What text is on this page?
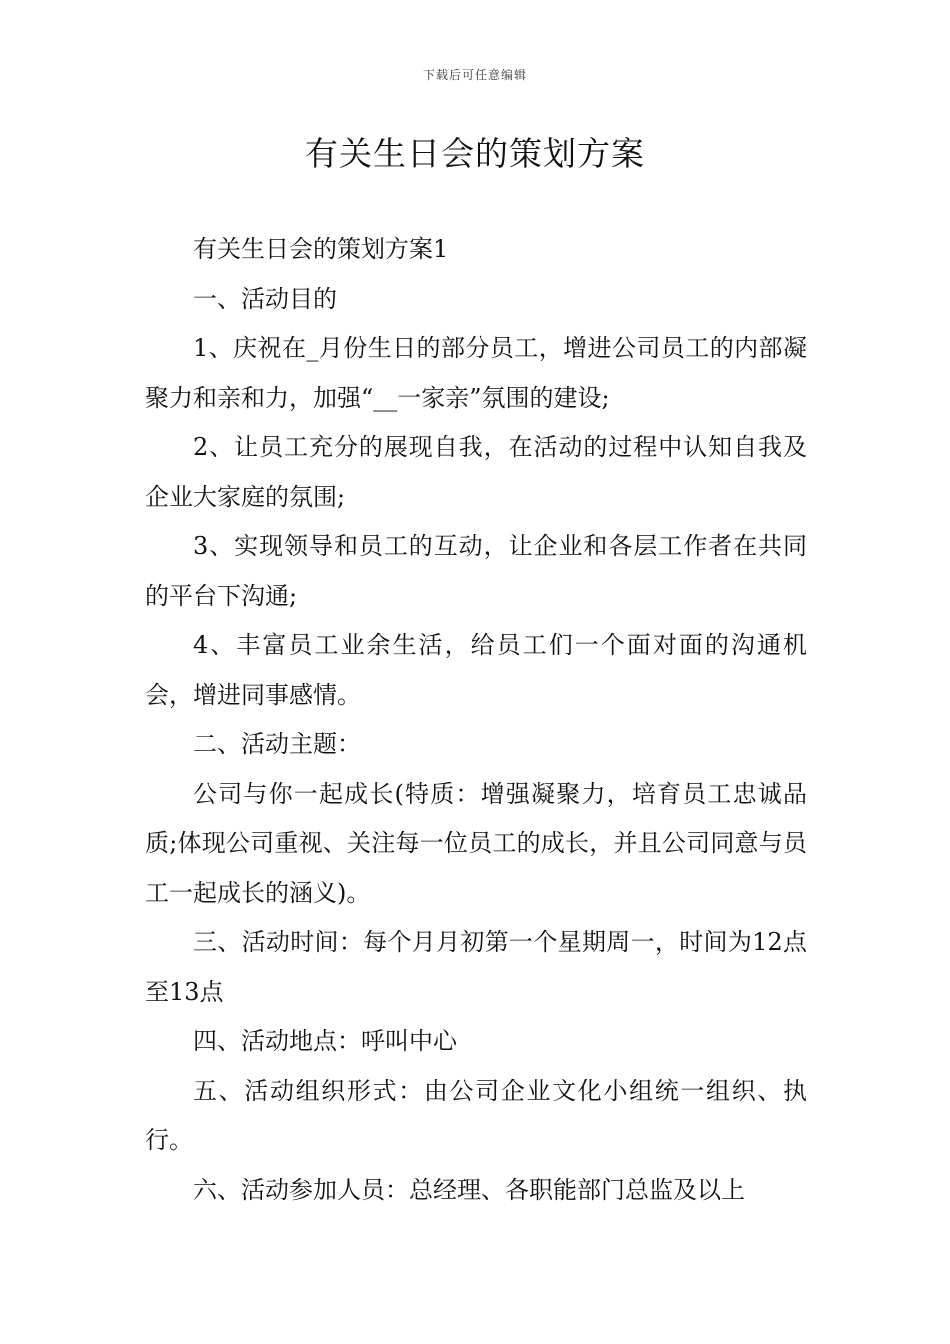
下载后可任意编辑
有关生日会的策划方案

有关生日会的策划方案1

一、活动目的

1、庆祝在_月份生日的部分员工，增进公司员工的内部凝聚力和亲和力，加强“__一家亲”氛围的建设;

2、让员工充分的展现自我，在活动的过程中认知自我及企业大家庭的氛围;

3、实现领导和员工的互动，让企业和各层工作者在共同的平台下沟通;

4、丰富员工业余生活，给员工们一个面对面的沟通机会，增进同事感情。

二、活动主题：

公司与你一起成长(特质：增强凝聚力，培育员工忠诚品质;体现公司重视、关注每一位员工的成长，并且公司同意与员工一起成长的涵义)。

三、活动时间：每个月月初第一个星期周一，时间为12点至13点

四、活动地点：呼叫中心

五、活动组织形式：由公司企业文化小组统一组织、执行。

六、活动参加人员：总经理、各职能部门总监及以上
